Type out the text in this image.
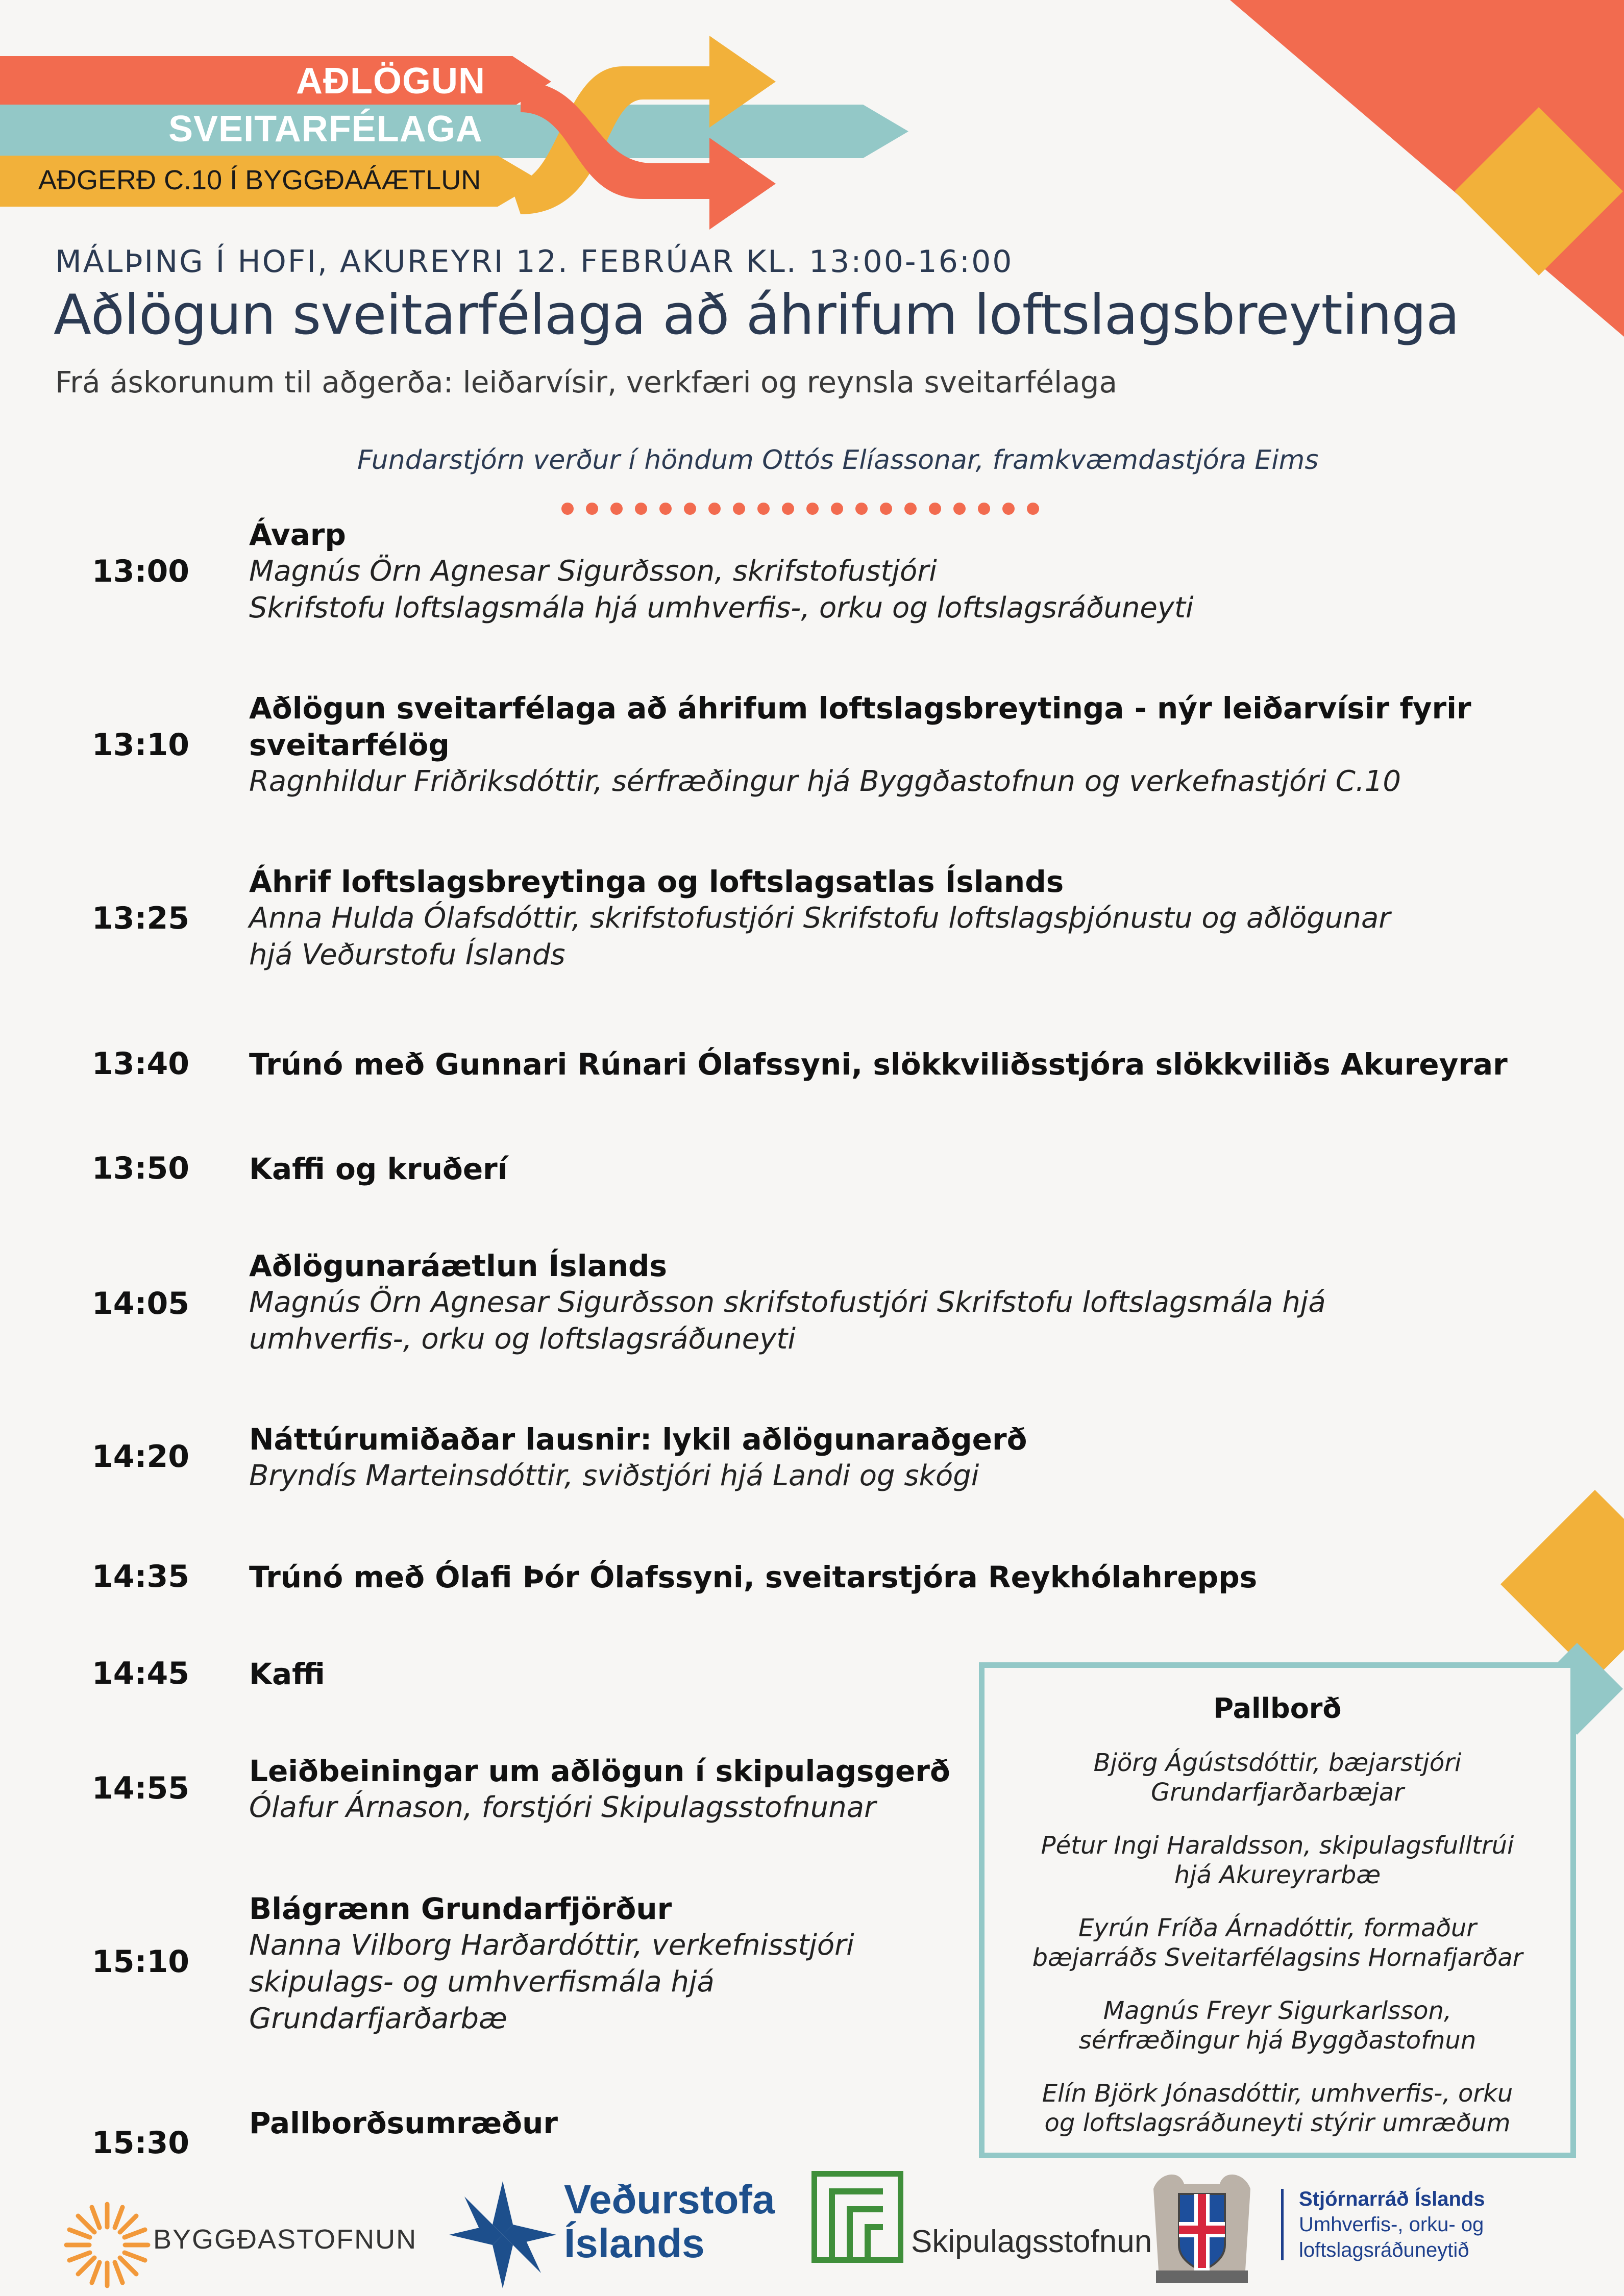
AÐLÖGUN
SVEITARFÉLAGA
AÐGERÐ C.10 Í BYGGÐAÁÆTLUN
MÁLÞING Í HOFI, AKUREYRI 12. FEBRÚAR KL. 13:00-16:00
Aðlögun sveitarfélaga að áhrifum loftslagsbreytinga
Frá áskorunum til aðgerða: leiðarvísir, verkfæri og reynsla sveitarfélaga
Fundarstjórn verður í höndum Ottós Elíassonar, framkvæmdastjóra Eims
13:00
Ávarp
Magnús Örn Agnesar Sigurðsson, skrifstofustjóri
Skrifstofu loftslagsmála hjá umhverfis-, orku og loftslagsráðuneyti
13:10
Aðlögun sveitarfélaga að áhrifum loftslagsbreytinga - nýr leiðarvísir fyrir
sveitarfélög
Ragnhildur Friðriksdóttir, sérfræðingur hjá Byggðastofnun og verkefnastjóri C.10
13:25
Áhrif loftslagsbreytinga og loftslagsatlas Íslands
Anna Hulda Ólafsdóttir, skrifstofustjóri Skrifstofu loftslagsþjónustu og aðlögunar
hjá Veðurstofu Íslands
13:40 Trúnó með Gunnari Rúnari Ólafssyni, slökkviliðsstjóra slökkviliðs Akureyrar
13:50 Kaffi og kruðerí
14:05
Aðlögunaráætlun Íslands
Magnús Örn Agnesar Sigurðsson skrifstofustjóri Skrifstofu loftslagsmála hjá
umhverfis-, orku og loftslagsráðuneyti
14:20 Náttúrumiðaðar lausnir: lykil aðlögunaraðgerð
Bryndís Marteinsdóttir, sviðstjóri hjá Landi og skógi
14:35 Trúnó með Ólafi Þór Ólafssyni, sveitarstjóra Reykhólahrepps
14:45 Kaffi
14:55 Leiðbeiningar um aðlögun í skipulagsgerð
Ólafur Árnason, forstjóri Skipulagsstofnunar
15:10
Blágrænn Grundarfjörður
Nanna Vilborg Harðardóttir, verkefnisstjóri
skipulags- og umhverfismála hjá
Grundarfjarðarbæ
15:30
Pallborðsumræður
Pallborð
Björg Ágústsdóttir, bæjarstjóri
Grundarfjarðarbæjar
Pétur Ingi Haraldsson, skipulagsfulltrúi
hjá Akureyrarbæ
Eyrún Fríða Árnadóttir, formaður
bæjarráðs Sveitarfélagsins Hornafjarðar
Magnús Freyr Sigurkarlsson,
sérfræðingur hjá Byggðastofnun
Elín Björk Jónasdóttir, umhverfis-, orku
og loftslagsráðuneyti stýrir umræðum
BYGGÐASTOFNUN
Veðurstofa
Íslands	Skipulagsstofnun
Stjórnarráð Íslands
Umhverfis-, orku- og
loftslagsráðuneytið
